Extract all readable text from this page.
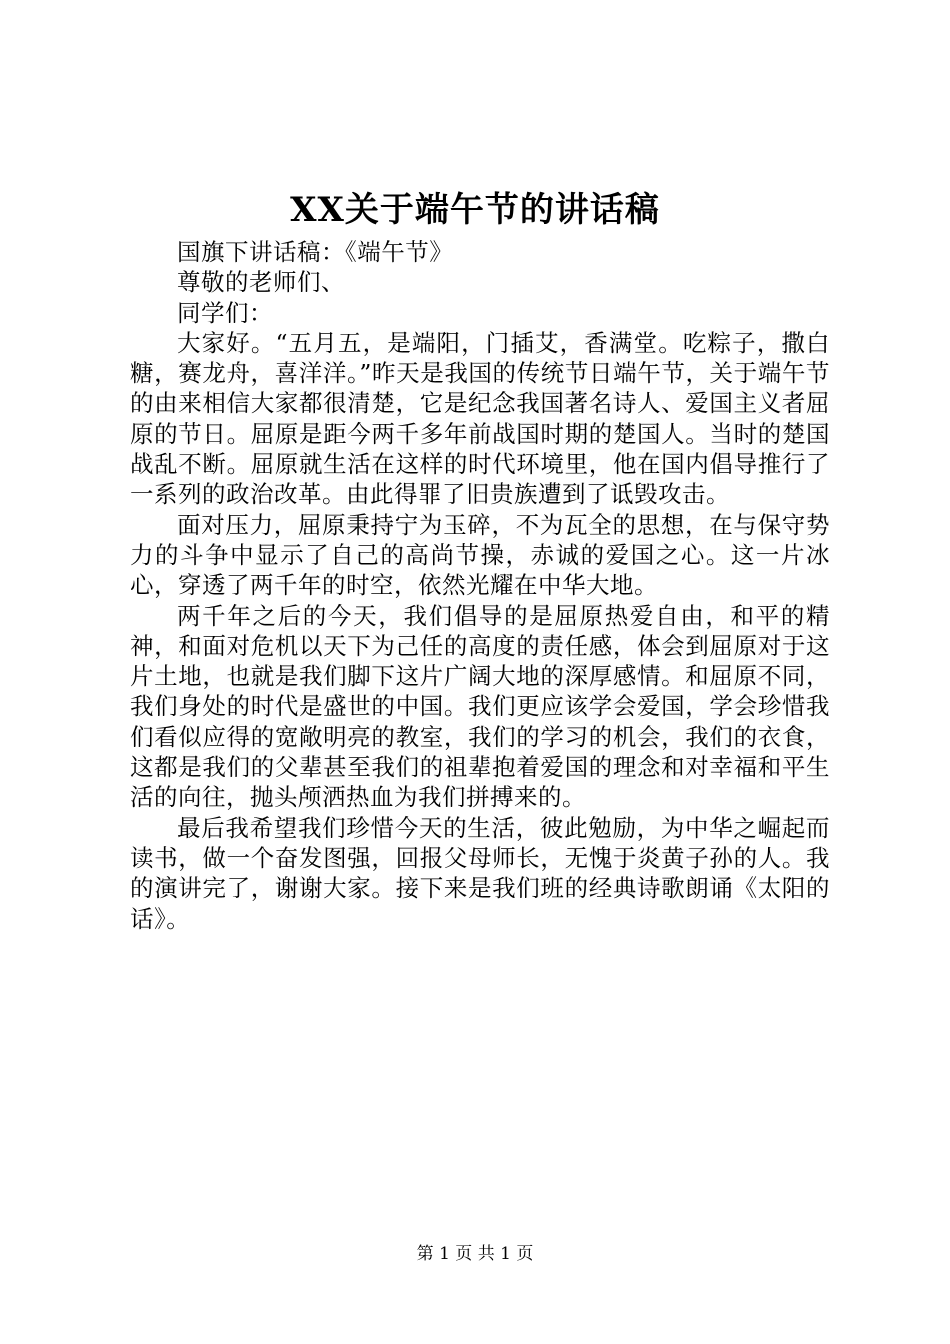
XX关于端午节的讲话稿

国旗下讲话稿：《端午节》

尊敬的老师们、

同学们：

大家好。“五月五，是端阳，门插艾，香满堂。吃粽子，撒白糖，赛龙舟，喜洋洋。”昨天是我国的传统节日端午节，关于端午节的由来相信大家都很清楚，它是纪念我国著名诗人、爱国主义者屈原的节日。屈原是距今两千多年前战国时期的楚国人。当时的楚国战乱不断。屈原就生活在这样的时代环境里，他在国内倡导推行了一系列的政治改革。由此得罪了旧贵族遭到了诋毁攻击。

面对压力，屈原秉持宁为玉碎，不为瓦全的思想，在与保守势力的斗争中显示了自己的高尚节操，赤诚的爱国之心。这一片冰心，穿透了两千年的时空，依然光耀在中华大地。

两千年之后的今天，我们倡导的是屈原热爱自由，和平的精神，和面对危机以天下为己任的高度的责任感，体会到屈原对于这片土地，也就是我们脚下这片广阔大地的深厚感情。和屈原不同，我们身处的时代是盛世的中国。我们更应该学会爱国，学会珍惜我们看似应得的宽敞明亮的教室，我们的学习的机会，我们的衣食，这都是我们的父辈甚至我们的祖辈抱着爱国的理念和对幸福和平生活的向往，抛头颅洒热血为我们拼搏来的。

最后我希望我们珍惜今天的生活，彼此勉励，为中华之崛起而读书，做一个奋发图强，回报父母师长，无愧于炎黄子孙的人。我的演讲完了，谢谢大家。接下来是我们班的经典诗歌朗诵《太阳的话》。

第 1 页 共 1 页
